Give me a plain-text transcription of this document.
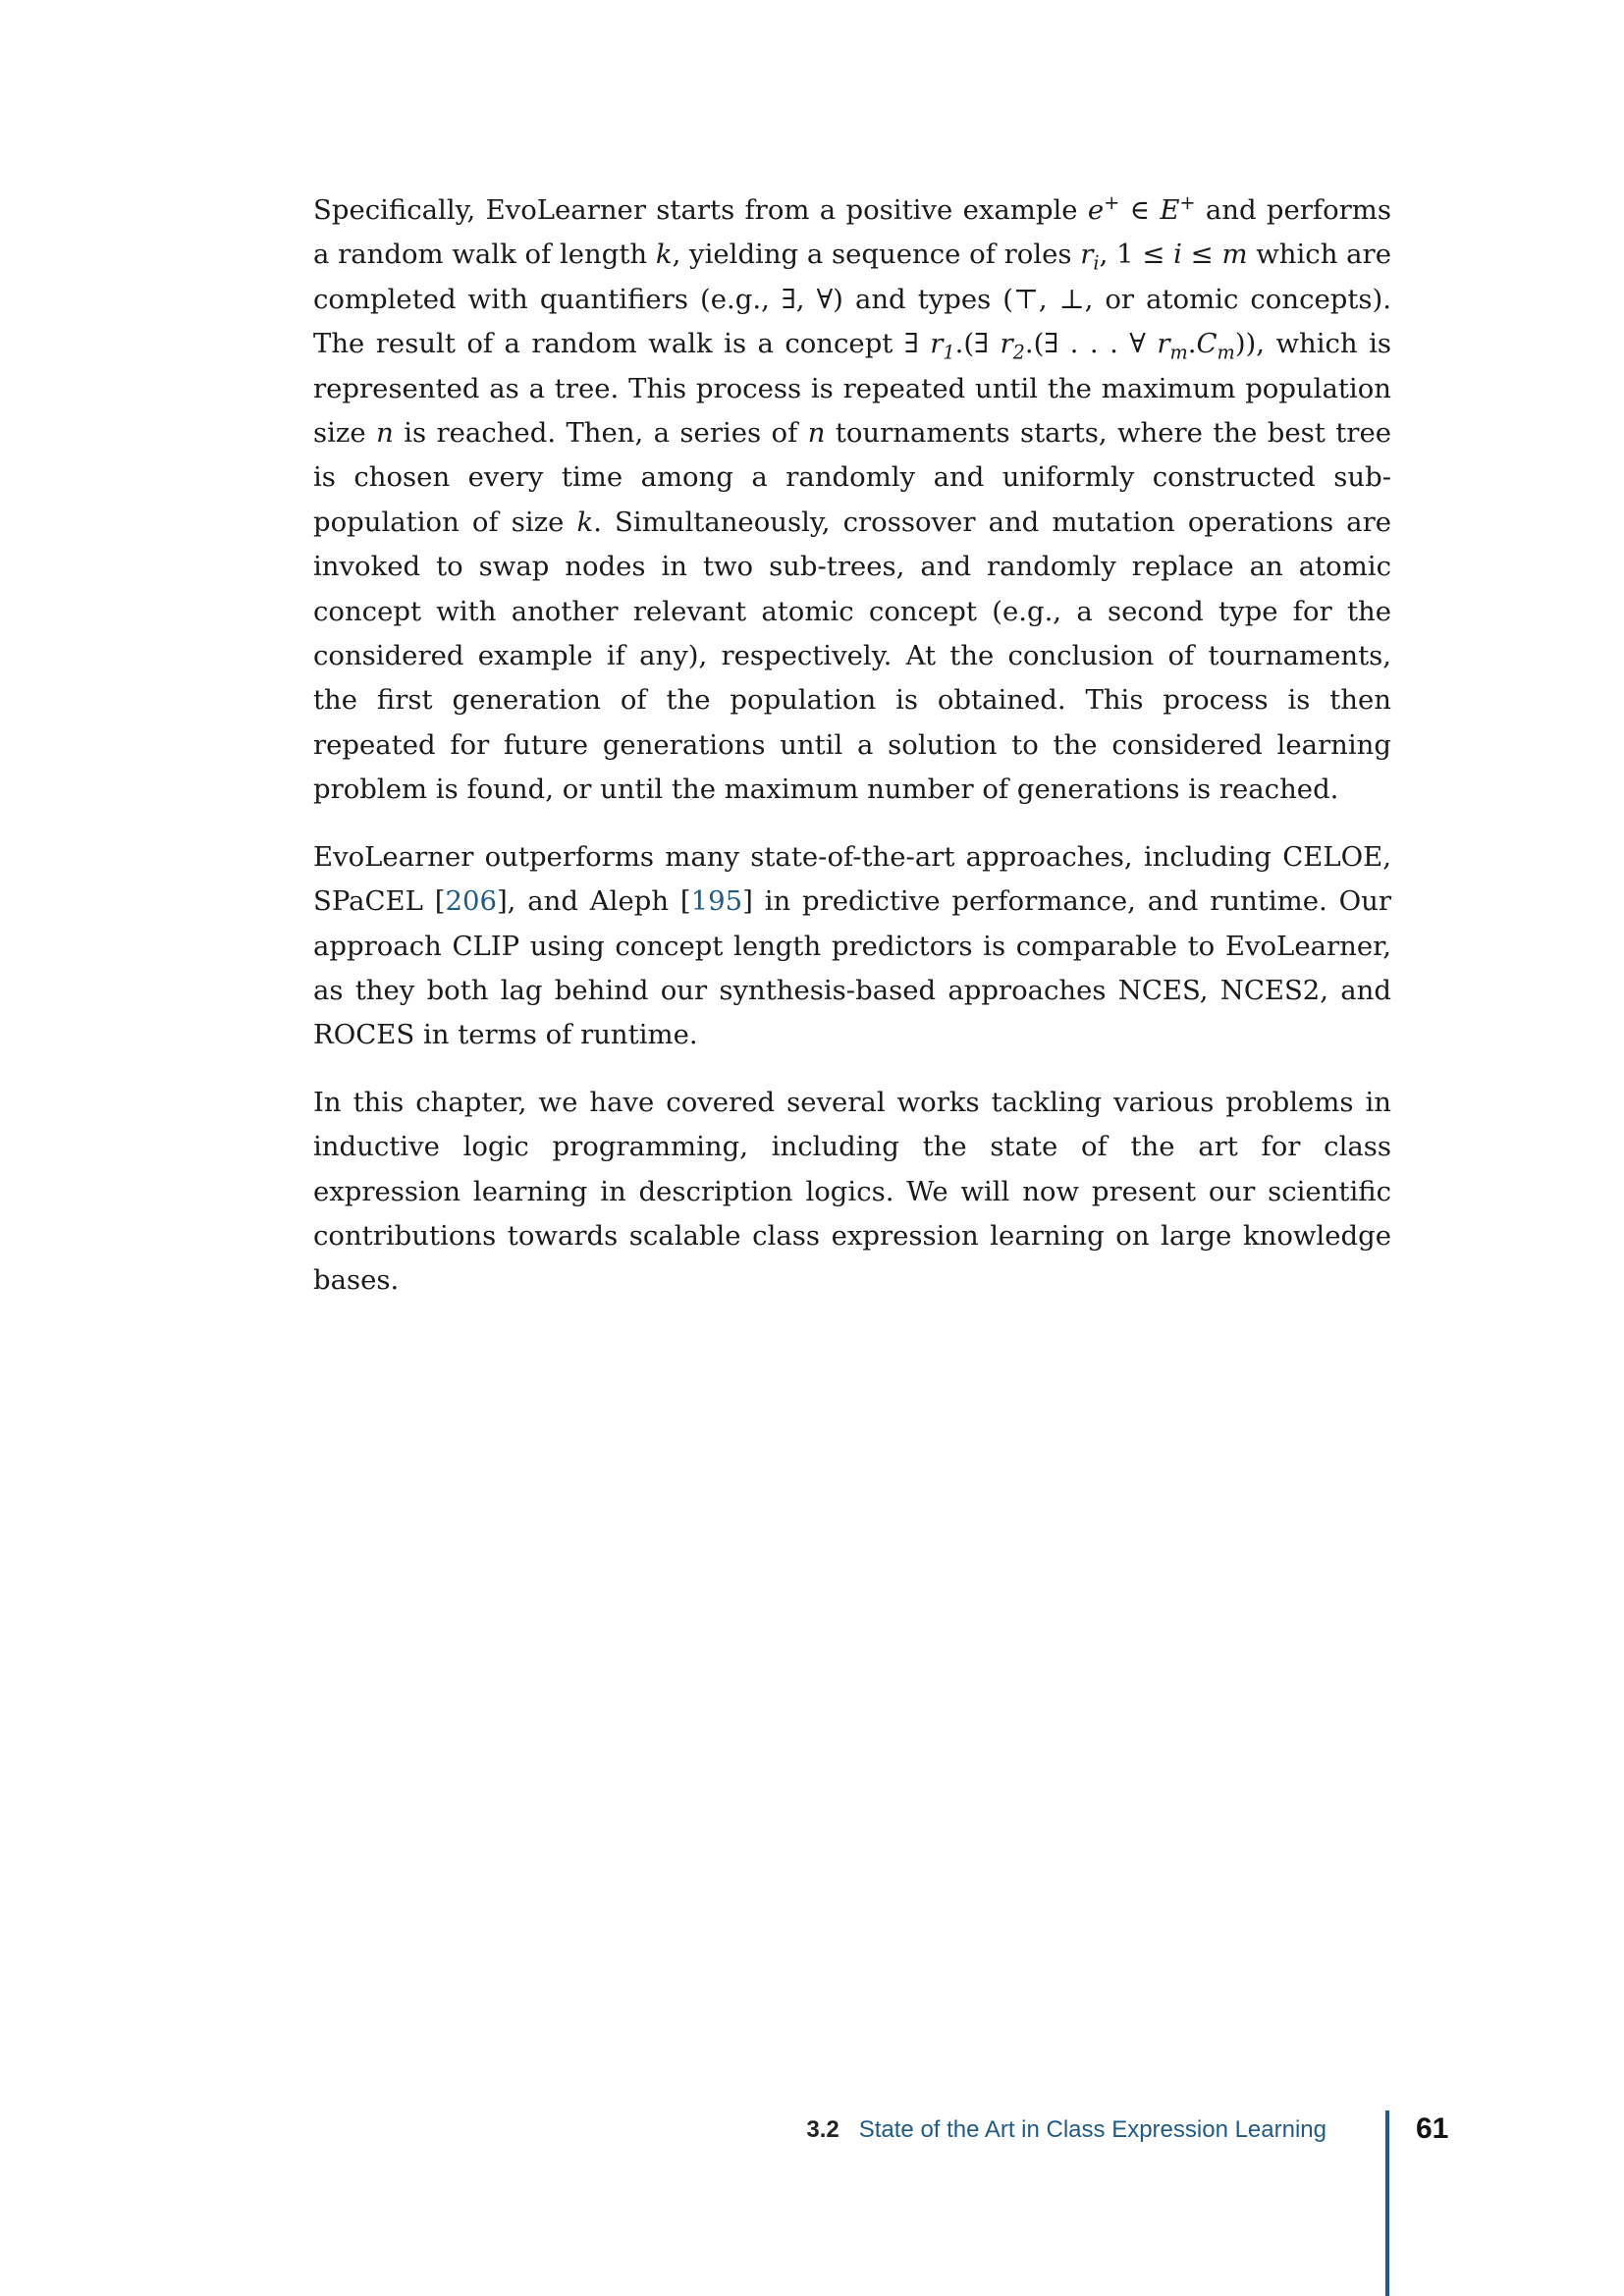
Specifically, EvoLearner starts from a positive example e+ ∈ E+ and performs a random walk of length k, yielding a sequence of roles $r_i$, 1 ≤ i ≤ m which are completed with quantifiers (e.g., ∃, ∀) and types (⊤, ⊥, or atomic concepts). The result of a random walk is a concept ∃ $r_1.(\exists$ $r_2.(\exists$ . . . ∀ $r_m.C_m$)), which is represented as a tree. This process is repeated until the maximum population size n is reached. Then, a series of n tournaments starts, where the best tree is chosen every time among a randomly and uniformly constructed sub-population of size k. Simultaneously, crossover and mutation operations are invoked to swap nodes in two sub-trees, and randomly replace an atomic concept with another relevant atomic concept (e.g., a second type for the considered example if any), respectively. At the conclusion of tournaments, the first generation of the population is obtained. This process is then repeated for future generations until a solution to the considered learning problem is found, or until the maximum number of generations is reached.

EvoLearner outperforms many state-of-the-art approaches, including CELOE, SPaCEL [206], and Aleph [195] in predictive performance, and runtime. Our approach CLIP using concept length predictors is comparable to EvoLearner, as they both lag behind our synthesis-based approaches NCES, NCES2, and ROCES in terms of runtime.

In this chapter, we have covered several works tackling various problems in inductive logic programming, including the state of the art for class expression learning in description logics. We will now present our scientific contributions towards scalable class expression learning on large knowledge bases.

3.2 State of the Art in Class Expression Learning	61
